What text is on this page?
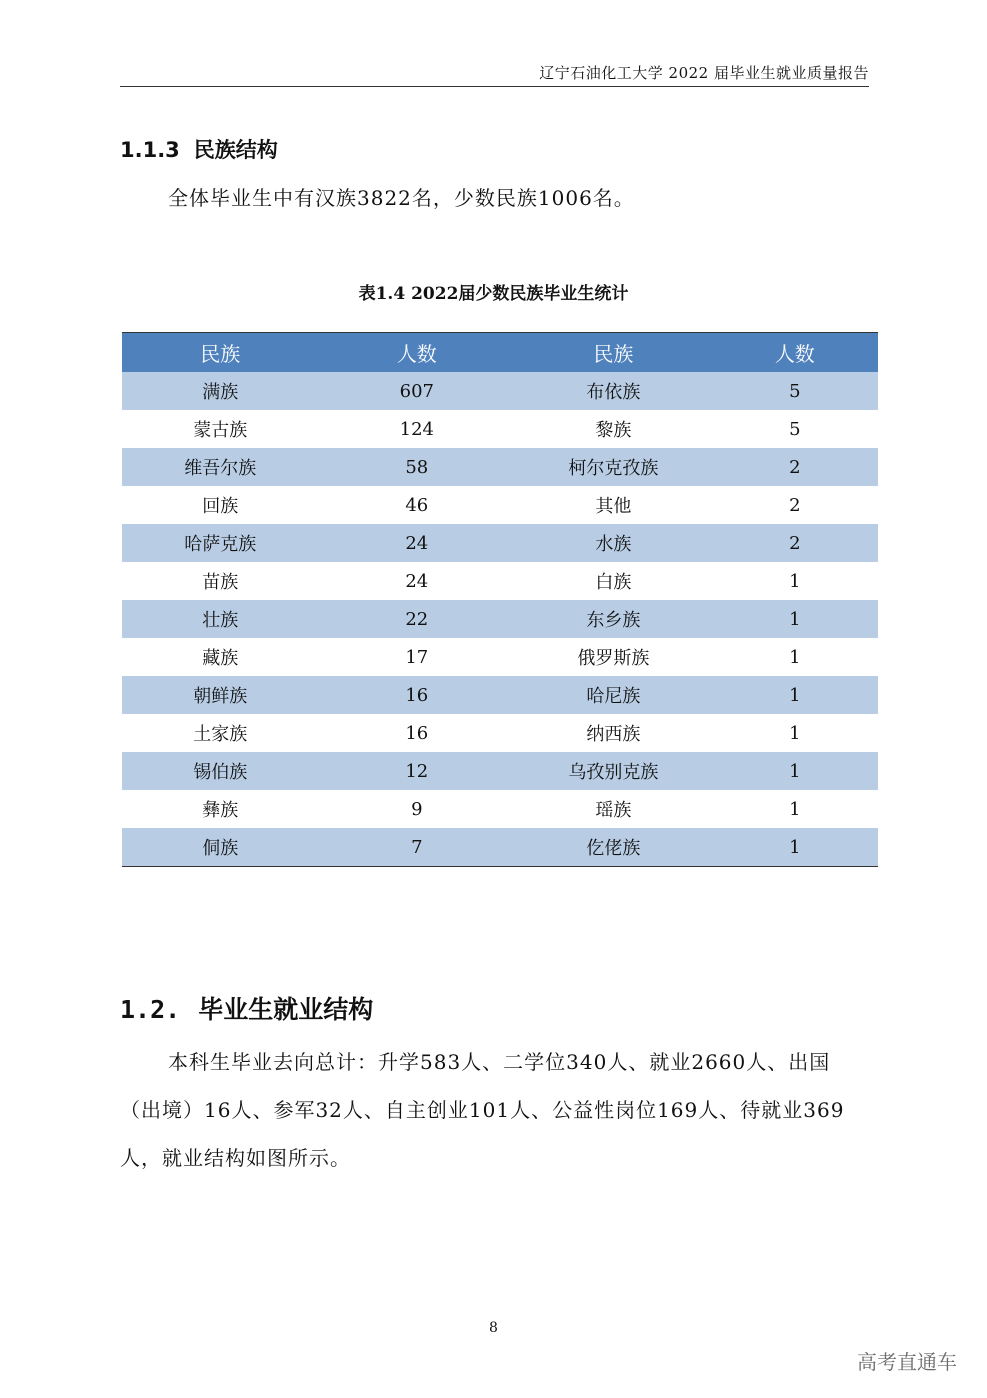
辽宁石油化工大学 2022 届毕业生就业质量报告
1.1.3 民族结构
全体毕业生中有汉族3822名，少数民族1006名。
表1.4 2022届少数民族毕业生统计
民族	人数	民族	人数
满族	607	布依族	5
蒙古族	124	黎族	5
维吾尔族	58	柯尔克孜族	2
回族	46	其他	2
哈萨克族	24	水族	2
苗族	24	白族	1
壮族	22	东乡族	1
藏族	17	俄罗斯族	1
朝鲜族	16	哈尼族	1
土家族	16	纳西族	1
锡伯族	12	乌孜别克族	1
彝族	9	瑶族	1
侗族	7	仡佬族	1
1.2. 毕业生就业结构
本科生毕业去向总计：升学583人、二学位340人、就业2660人、出国（出境）16人、参军32人、自主创业101人、公益性岗位169人、待就业369人，就业结构如图所示。
8
高考直通车
